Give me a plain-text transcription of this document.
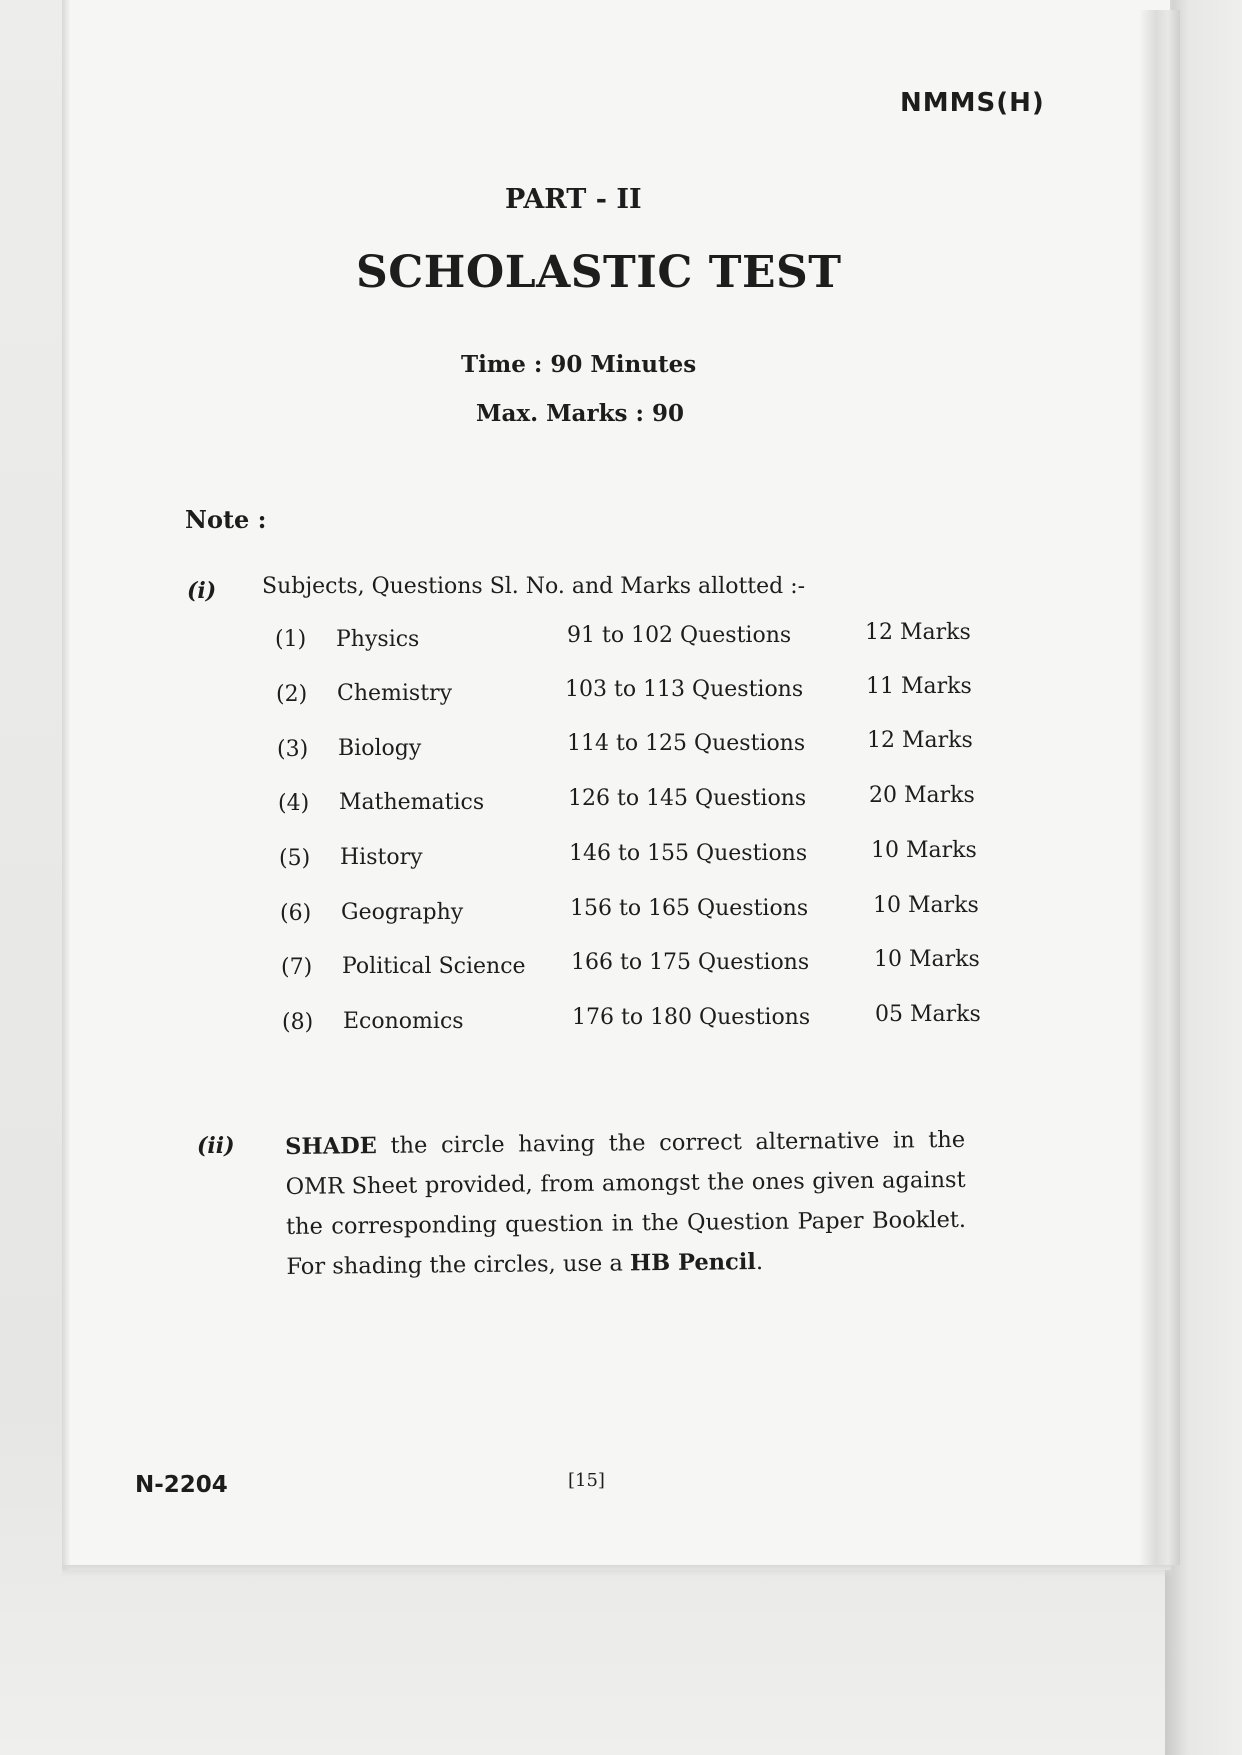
NMMS(H)
PART - II
SCHOLASTIC TEST
Time : 90 Minutes
Max. Marks : 90
Note :
(i) Subjects, Questions Sl. No. and Marks allotted :-
(1) Physics	91 to 102 Questions	12 Marks
(2) Chemistry	103 to 113 Questions	11 Marks
(3) Biology	114 to 125 Questions	12 Marks
(4) Mathematics	126 to 145 Questions	20 Marks
(5) History	146 to 155 Questions	10 Marks
(6) Geography	156 to 165 Questions	10 Marks
(7) Political Science 166 to 175 Questions	10 Marks
(8) Economics	176 to 180 Questions	05 Marks
(ii) SHADE the circle having the correct alternative in the OMR Sheet provided, from amongst the ones given against the corresponding question in the Question Paper Booklet. For shading the circles, use a HB Pencil.
N-2204	[15]
